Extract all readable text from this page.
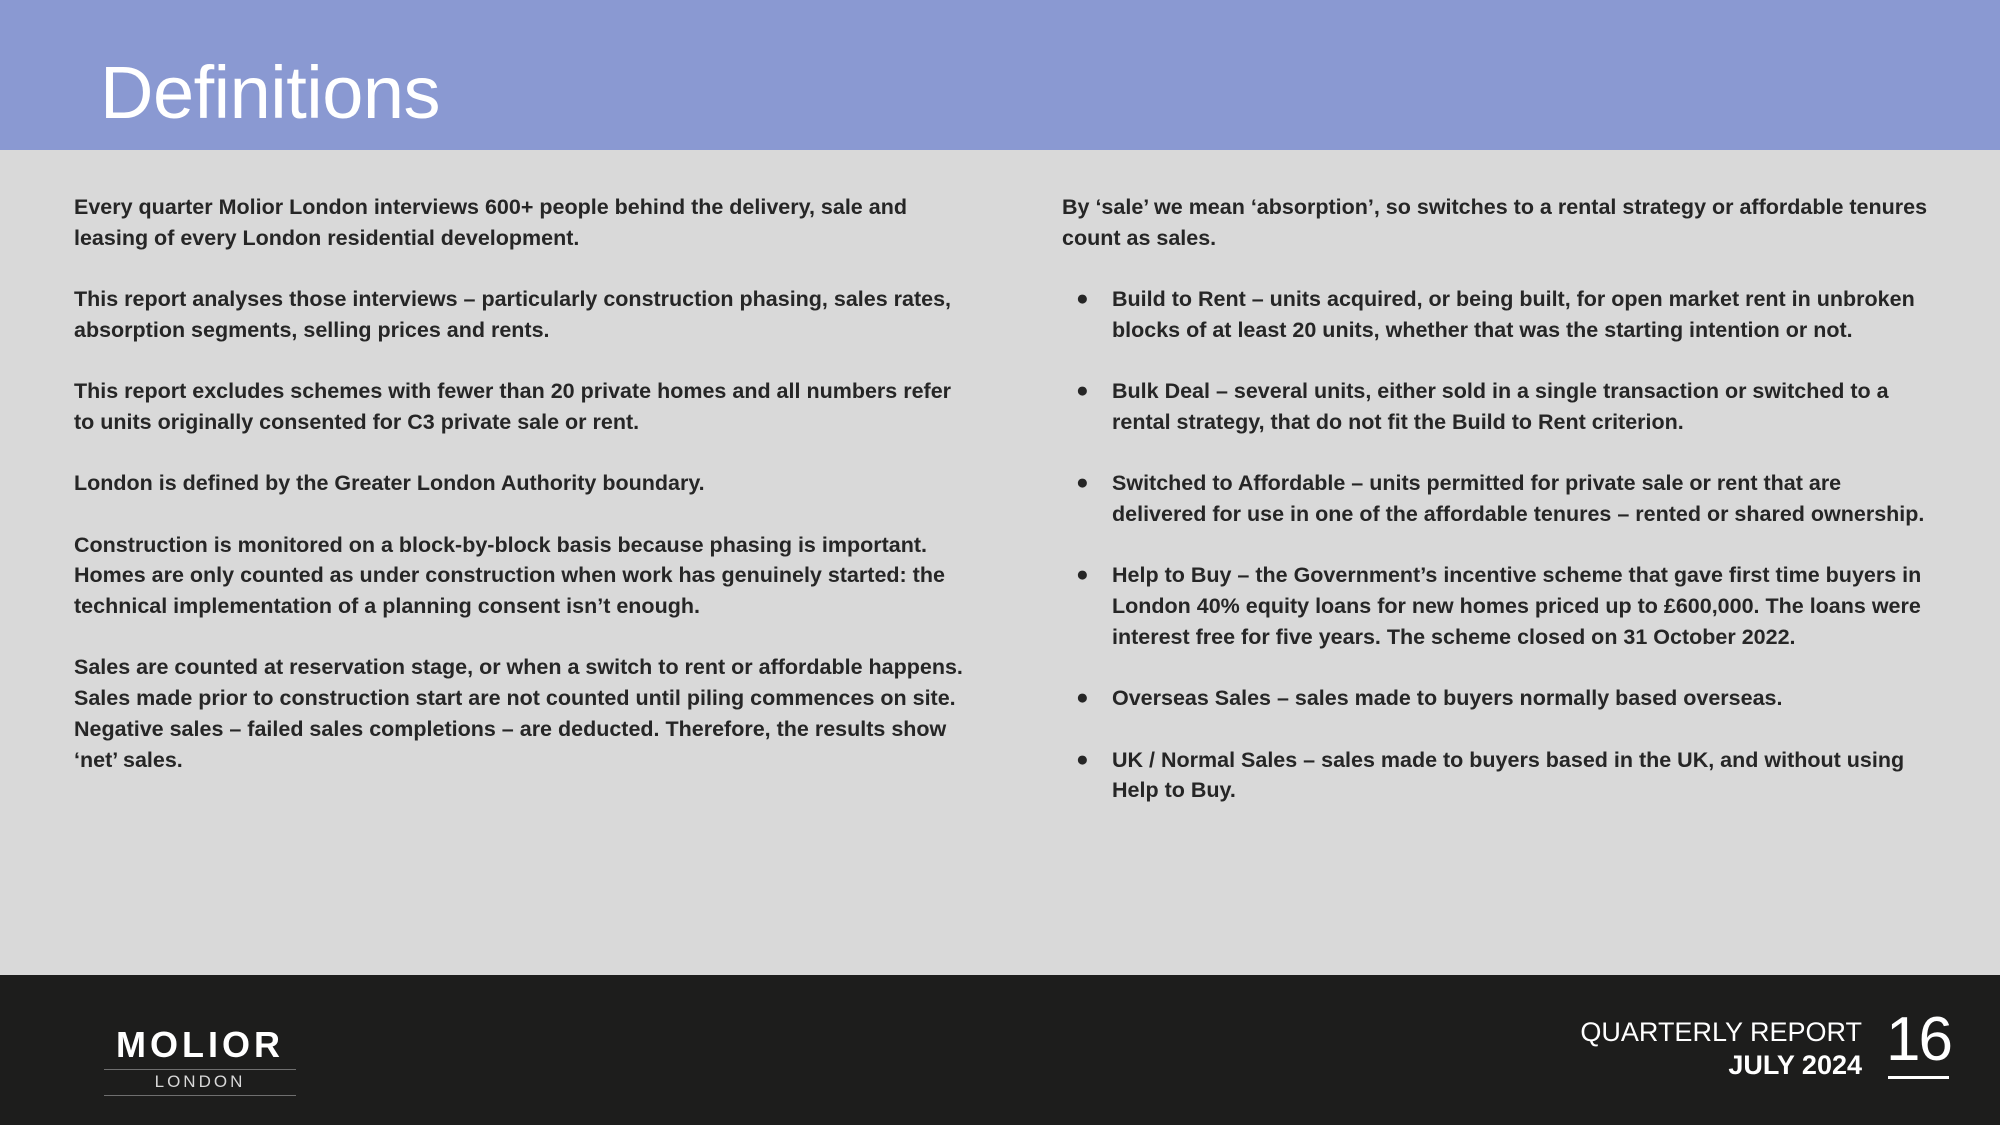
Definitions

Every quarter Molior London interviews 600+ people behind the delivery, sale and leasing of every London residential development.

This report analyses those interviews – particularly construction phasing, sales rates, absorption segments, selling prices and rents.

This report excludes schemes with fewer than 20 private homes and all numbers refer to units originally consented for C3 private sale or rent.

London is defined by the Greater London Authority boundary.

Construction is monitored on a block-by-block basis because phasing is important. Homes are only counted as under construction when work has genuinely started: the technical implementation of a planning consent isn’t enough.

Sales are counted at reservation stage, or when a switch to rent or affordable happens. Sales made prior to construction start are not counted until piling commences on site. Negative sales – failed sales completions – are deducted. Therefore, the results show ‘net’ sales.

By ‘sale’ we mean ‘absorption’, so switches to a rental strategy or affordable tenures count as sales.

● Build to Rent – units acquired, or being built, for open market rent in unbroken blocks of at least 20 units, whether that was the starting intention or not.
● Bulk Deal – several units, either sold in a single transaction or switched to a rental strategy, that do not fit the Build to Rent criterion.
● Switched to Affordable – units permitted for private sale or rent that are delivered for use in one of the affordable tenures – rented or shared ownership.
● Help to Buy – the Government’s incentive scheme that gave first time buyers in London 40% equity loans for new homes priced up to £600,000. The loans were interest free for five years. The scheme closed on 31 October 2022.
● Overseas Sales – sales made to buyers normally based overseas.
● UK / Normal Sales – sales made to buyers based in the UK, and without using Help to Buy.
MOLIOR
LONDON
QUARTERLY REPORT
JULY 2024 16
